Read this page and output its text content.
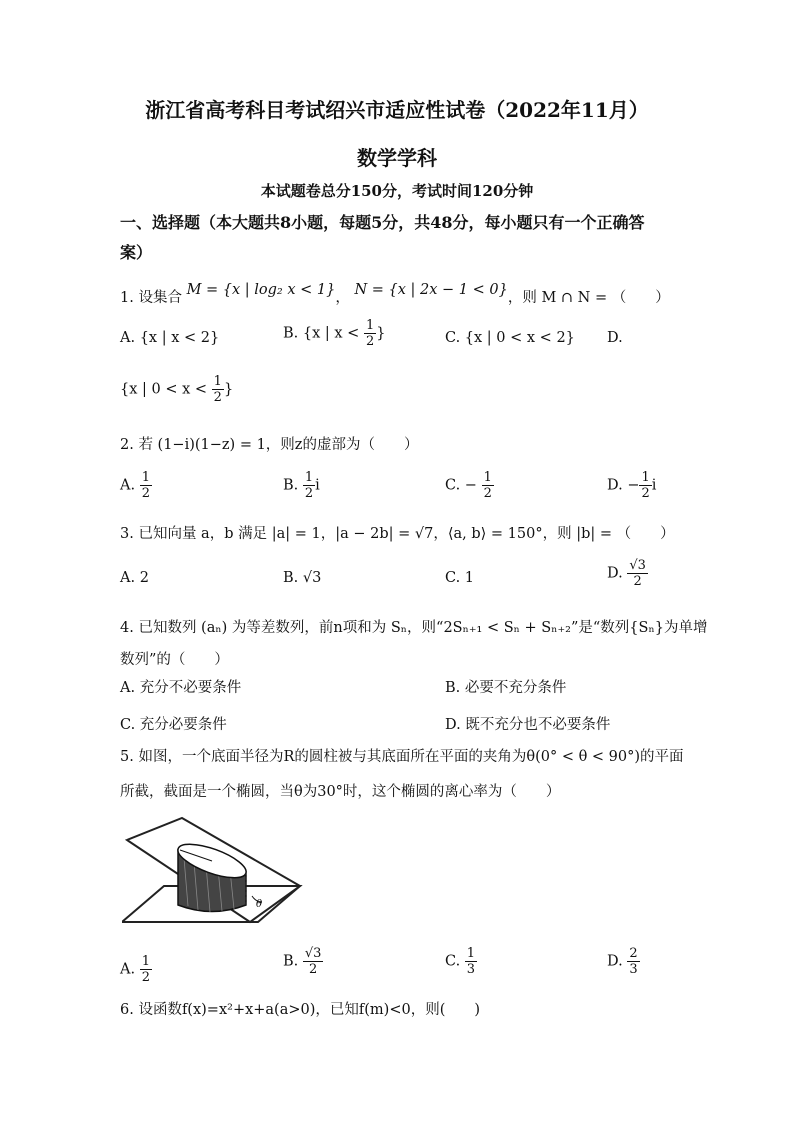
浙江省高考科目考试绍兴市适应性试卷（2022年11月）
数学学科
本试题卷总分150分，考试时间120分钟
一、选择题（本大题共8小题，每题5分，共48分，每小题只有一个正确答
案）
1. 设集合 M = {x | log₂ x < 1}， N = {x | 2x − 1 < 0}，则 M ∩ N = （　　）
A. {x | x < 2}	B. {x | $x < \frac{1}{2}$ }	C. {x | 0 < x < 2} D.
{x | $0 < x < \frac{1}{2}$ }
2. 若 (1−i)(1−z) = 1，则z的虚部为（　　）
A. $\frac{1}{2}$	B. $\frac{1}{2}$ i	C. − $\frac{1}{2}$	D. − $\frac{1}{2}$ i
3. 已知向量 a，b 满足 |a| = 1，|a − 2b| = √7，⟨a, b⟩ = 150°，则 |b| = （　　）
A. 2	B. √3	C. 1	D. $\frac{√3}{2}$
4. 已知数列 (aₙ) 为等差数列，前n项和为 Sₙ，则“2Sₙ₊₁ < Sₙ + Sₙ₊₂”是“数列{Sₙ}为单增
数列”的（　　）
A. 充分不必要条件	B. 必要不充分条件
C. 充分必要条件	D. 既不充分也不必要条件
5. 如图，一个底面半径为R的圆柱被与其底面所在平面的夹角为θ(0° < θ < 90°)的平面
所截，截面是一个椭圆，当θ为30°时，这个椭圆的离心率为（　　）
θ
A. $\frac{1}{2}$	B. $\frac{√3}{2}$	C. $\frac{1}{3}$	D. $\frac{2}{3}$
6. 设函数f(x)=x²+x+a(a>0)，已知f(m)<0，则(　　)
